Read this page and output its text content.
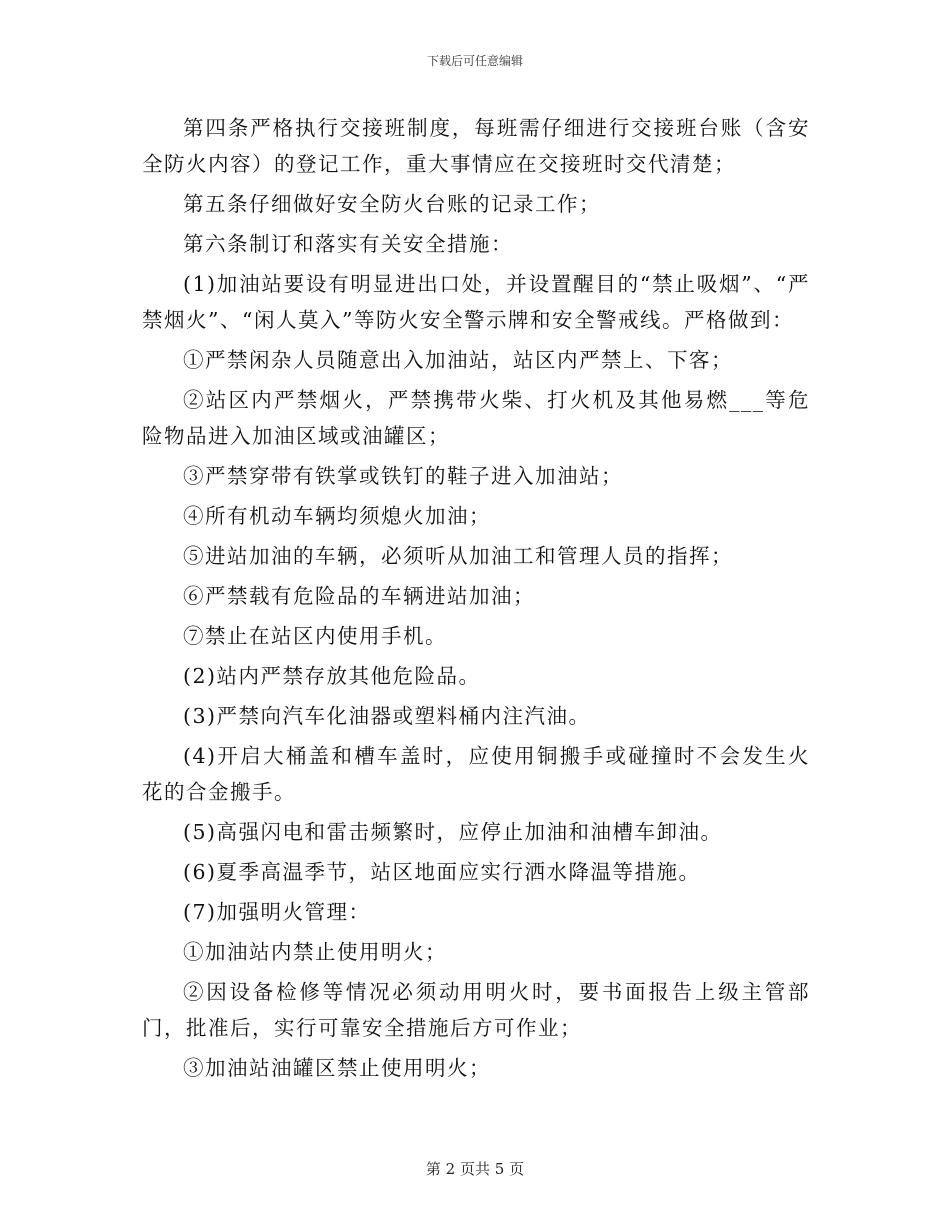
下载后可任意编辑

第四条严格执行交接班制度，每班需仔细进行交接班台账（含安全防火内容）的登记工作，重大事情应在交接班时交代清楚；

第五条仔细做好安全防火台账的记录工作；

第六条制订和落实有关安全措施：

(1)加油站要设有明显进出口处，并设置醒目的“禁止吸烟”、“严禁烟火”、“闲人莫入”等防火安全警示牌和安全警戒线。严格做到：

①严禁闲杂人员随意出入加油站，站区内严禁上、下客；

②站区内严禁烟火，严禁携带火柴、打火机及其他易燃___等危险物品进入加油区域或油罐区；

③严禁穿带有铁掌或铁钉的鞋子进入加油站；

④所有机动车辆均须熄火加油；

⑤进站加油的车辆，必须听从加油工和管理人员的指挥；

⑥严禁载有危险品的车辆进站加油；

⑦禁止在站区内使用手机。

(2)站内严禁存放其他危险品。

(3)严禁向汽车化油器或塑料桶内注汽油。

(4)开启大桶盖和槽车盖时，应使用铜搬手或碰撞时不会发生火花的合金搬手。

(5)高强闪电和雷击频繁时，应停止加油和油槽车卸油。

(6)夏季高温季节，站区地面应实行洒水降温等措施。

(7)加强明火管理：

①加油站内禁止使用明火；

②因设备检修等情况必须动用明火时，要书面报告上级主管部门，批准后，实行可靠安全措施后方可作业；

③加油站油罐区禁止使用明火；

第 2 页共 5 页
